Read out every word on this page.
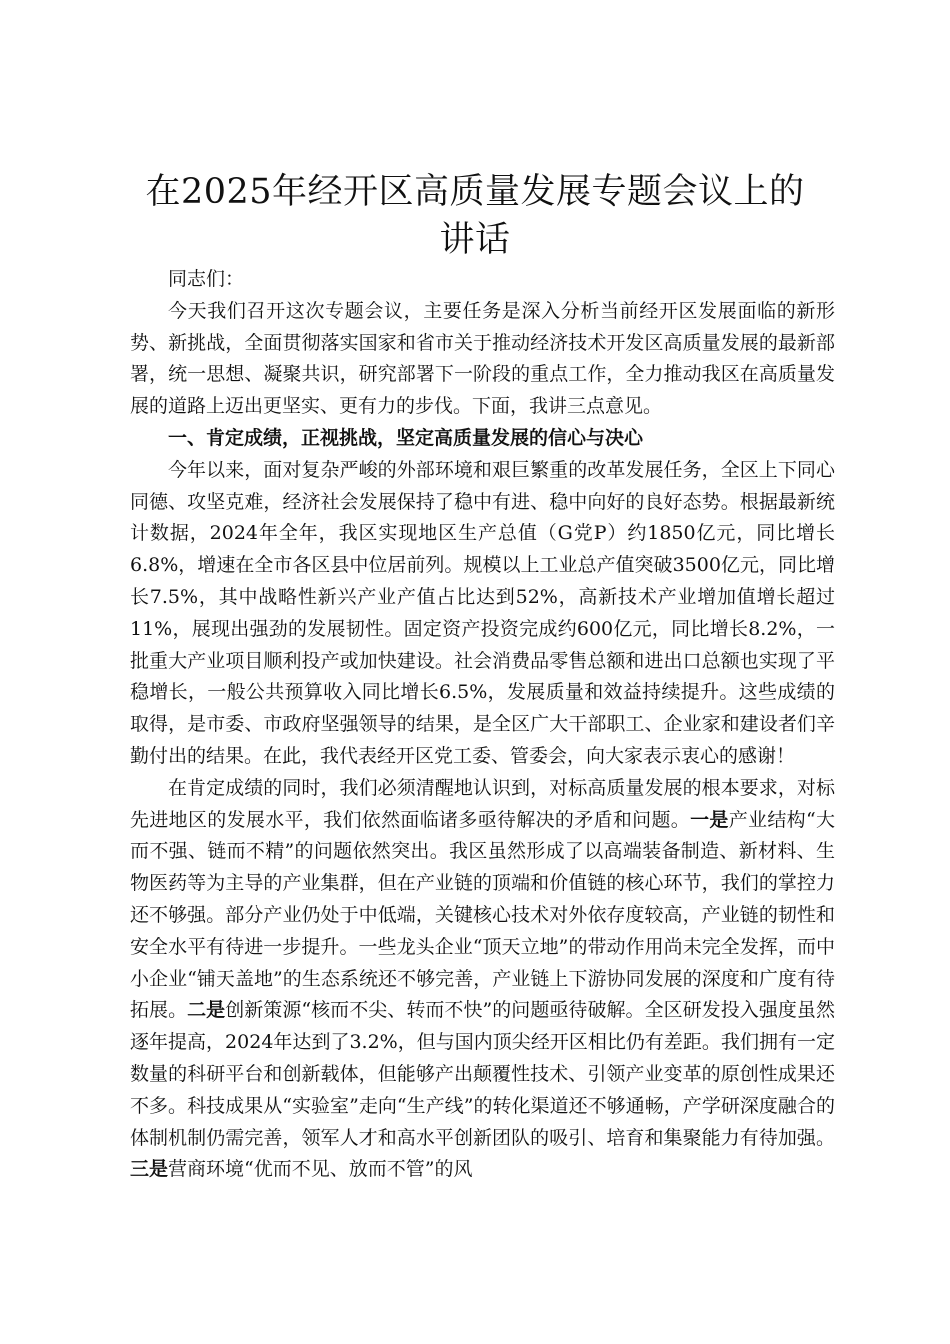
在2025年经开区高质量发展专题会议上的讲话

同志们：

今天我们召开这次专题会议，主要任务是深入分析当前经开区发展面临的新形势、新挑战，全面贯彻落实国家和省市关于推动经济技术开发区高质量发展的最新部署，统一思想、凝聚共识，研究部署下一阶段的重点工作，全力推动我区在高质量发展的道路上迈出更坚实、更有力的步伐。下面，我讲三点意见。

一、肯定成绩，正视挑战，坚定高质量发展的信心与决心

今年以来，面对复杂严峻的外部环境和艰巨繁重的改革发展任务，全区上下同心同德、攻坚克难，经济社会发展保持了稳中有进、稳中向好的良好态势。根据最新统计数据，2024年全年，我区实现地区生产总值（G党P）约1850亿元，同比增长6.8%，增速在全市各区县中位居前列。规模以上工业总产值突破3500亿元，同比增长7.5%，其中战略性新兴产业产值占比达到52%，高新技术产业增加值增长超过11%，展现出强劲的发展韧性。固定资产投资完成约600亿元，同比增长8.2%，一批重大产业项目顺利投产或加快建设。社会消费品零售总额和进出口总额也实现了平稳增长，一般公共预算收入同比增长6.5%，发展质量和效益持续提升。这些成绩的取得，是市委、市政府坚强领导的结果，是全区广大干部职工、企业家和建设者们辛勤付出的结果。在此，我代表经开区党工委、管委会，向大家表示衷心的感谢！

在肯定成绩的同时，我们必须清醒地认识到，对标高质量发展的根本要求，对标先进地区的发展水平，我们依然面临诸多亟待解决的矛盾和问题。一是产业结构“大而不强、链而不精”的问题依然突出。我区虽然形成了以高端装备制造、新材料、生物医药等为主导的产业集群，但在产业链的顶端和价值链的核心环节，我们的掌控力还不够强。部分产业仍处于中低端，关键核心技术对外依存度较高，产业链的韧性和安全水平有待进一步提升。一些龙头企业“顶天立地”的带动作用尚未完全发挥，而中小企业“铺天盖地”的生态系统还不够完善，产业链上下游协同发展的深度和广度有待拓展。二是创新策源“核而不尖、转而不快”的问题亟待破解。全区研发投入强度虽然逐年提高，2024年达到了3.2%，但与国内顶尖经开区相比仍有差距。我们拥有一定数量的科研平台和创新载体，但能够产出颠覆性技术、引领产业变革的原创性成果还不多。科技成果从“实验室”走向“生产线”的转化渠道还不够通畅，产学研深度融合的体制机制仍需完善，领军人才和高水平创新团队的吸引、培育和集聚能力有待加强。三是营商环境“优而不见、放而不管”的风
